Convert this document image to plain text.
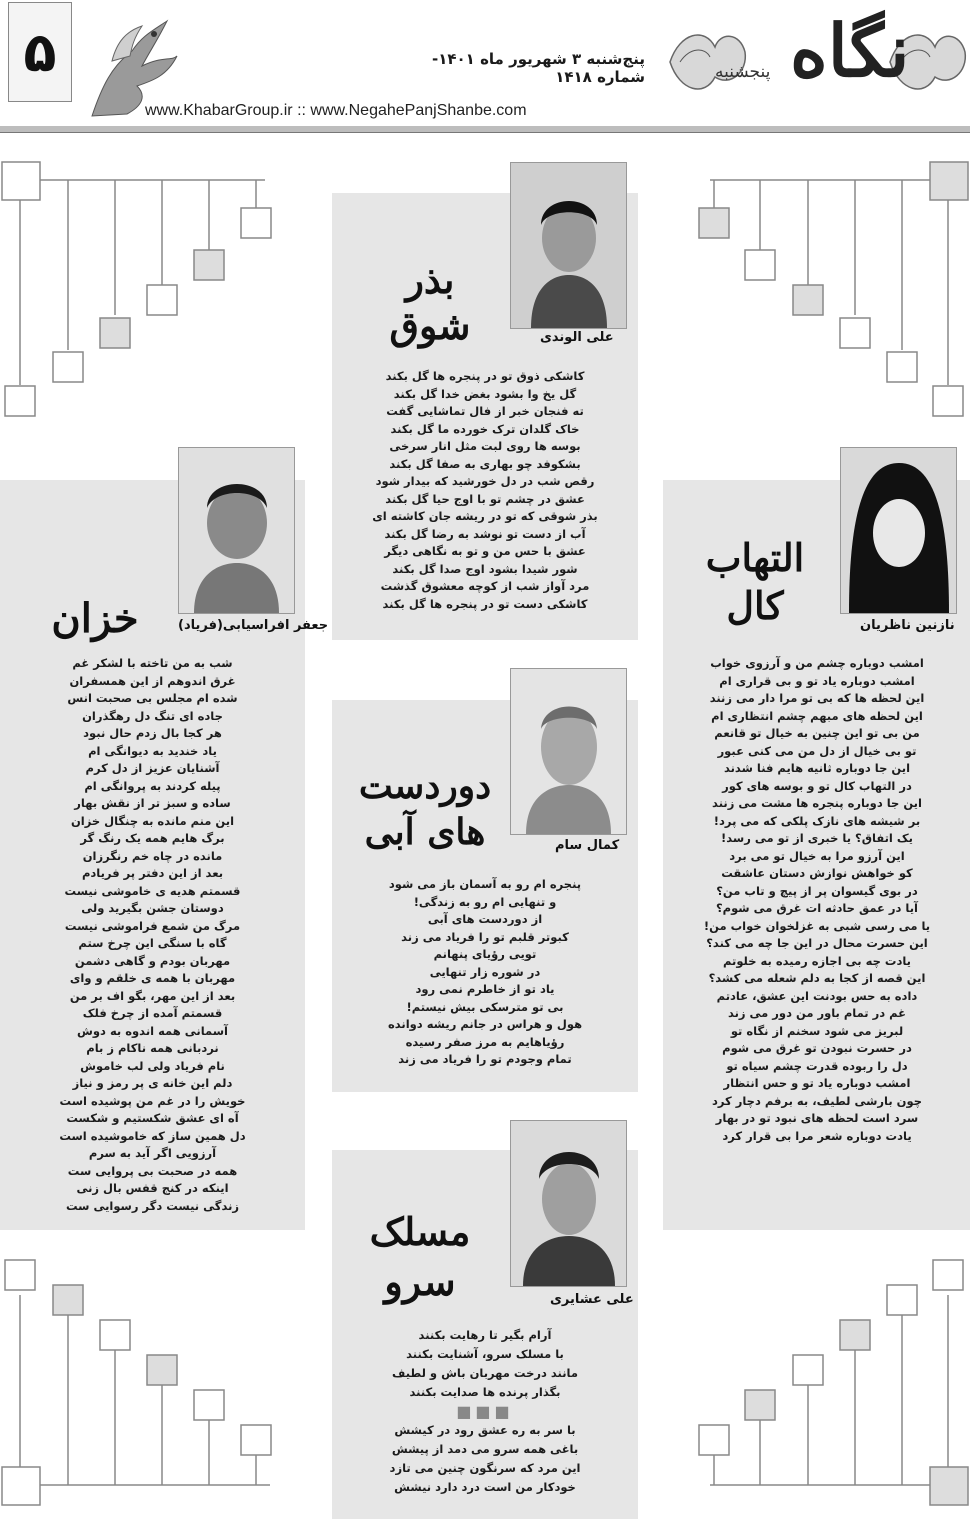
۵	پنج‌شنبه ۳ شهریور ماه ۱۴۰۱- شماره ۱۴۱۸
www.KhabarGroup.ir :: www.NegahePanjShanbe.com
نگاه
پنجشنبه
علی الوندی
بذر
شوق
کاشکی ذوق تو در پنجره ها گل بکند
گل یخ وا بشود بغض خدا گل بکند
ته فنجان خبر از فال تماشایی گفت
خاک گلدان ترک خورده ما گل بکند
بوسه ها روی لبت مثل انار سرخی
بشکوفد چو بهاری به صفا گل بکند
رقص شب در دل خورشید که بیدار شود
عشق در چشم تو با اوج حیا گل بکند
بذر شوقی که تو در ریشه جان کاشته ای
آب از دست تو نوشد به رضا گل بکند
عشق با حس من و تو به نگاهی دیگر
شور شیدا بشود اوج صدا گل بکند
مرد آواز شب از کوچه معشوق گذشت
کاشکی دست تو در پنجره ها گل بکند
جعفر افراسیابی(فریاد)
خزان
شب به من تاخته با لشکر غم
غرق اندوهم از این همسفران
شده ام مجلس بی صحبت انس
جاده ای تنگ دل رهگذران
هر کجا بال زدم حال نبود
یاد خندید به دیوانگی ام
آشنایان عزیز از دل کرم
پیله کردند به پروانگی ام
ساده و سبز تر از نقش بهار
این منم مانده به چنگال خزان
برگ هایم همه یک رنگ گر
مانده در چاه خم رنگرزان
بعد از این دفتر پر فریادم
قسمتم هدیه ی خاموشی نیست
دوستان جشن بگیرید ولی
مرگ من شمع فراموشی نیست
گاه با سنگی این چرخ ستم
مهربان بودم و گاهی دشمن
مهربان با همه ی خلقم و وای
بعد از این مهر، بگو اف بر من
قسمتم آمده از چرخ فلک
آسمانی همه اندوه به دوش
نردبانی همه ناکام ز بام
نام فریاد ولی لب خاموش
دلم این خانه ی پر رمز و نیاز
خویش را در غم من پوشیده است
آه ای عشق شکستیم و شکست
دل همین ساز که خاموشیده است
آرزویی اگر آید به سرم
همه در صحبت بی پروایی ست
اینکه در کنج قفس بال زنی
زندگی نیست دگر رسوایی ست
نازنین ناظریان
التهاب
کال
امشب دوباره چشم من و آرزوی خواب
امشب دوباره یاد تو و بی قراری ام
این لحظه ها که بی تو مرا دار می زنند
این لحظه های مبهم چشم انتظاری ام
من بی تو این چنین به خیال تو قانعم
تو بی خیال از دل من می کنی عبور
این جا دوباره ثانیه هایم فنا شدند
در التهاب کال تو و بوسه های کور
این جا دوباره پنجره ها مشت می زنند
بر شیشه های نازک پلکی که می پرد!
یک اتفاق؟ یا خبری از تو می رسد!
این آرزو مرا به خیال تو می برد
کو خواهش نوازش دستان عاشقت
در بوی گیسوان پر از پیچ و تاب من؟
آیا در عمق حادثه ات غرق می شوم؟
یا می رسی شبی به غزلخوان خواب من!
این حسرت محال در این جا چه می کند؟
یادت چه بی اجازه رمیده به خلوتم
این قصه از کجا به دلم شعله می کشد؟
داده به حس بودنت این عشق، عادتم
غم در تمام باور من دور می زند
لبریز می شود سخنم از نگاه تو
در حسرت نبودن تو غرق می شوم
دل را ربوده قدرت چشم سیاه تو
امشب دوباره یاد تو و حس انتظار
چون بارشی لطیف، به برفم دچار کرد
سرد است لحظه های نبود تو در بهار
یادت دوباره شعر مرا بی قرار کرد
کمال سام
دوردست
های آبی
پنجره ام رو به آسمان باز می شود
و تنهایی ام رو به زندگی!
از دوردست های آبی
کبوتر قلبم تو را فریاد می زند
تویی رؤیای پنهانم
در شوره زار تنهایی
یاد تو از خاطرم نمی رود
بی تو مترسکی بیش نیستم!
هول و هراس در جانم ریشه دوانده
رؤیاهایم به مرز صفر رسیده
تمام وجودم تو را فریاد می زند
علی عشایری
مسلک
سرو
آرام بگیر تا رهایت بکنند
با مسلک سرو، آشنایت بکنند
مانند درخت مهربان باش و لطیف
بگذار پرنده ها صدایت بکنند
■■■
با سر به ره عشق رود در کیشش
باغی همه سرو می دمد از پیشش
این مرد که سرنگون چنین می تازد
خودکار من است درد دارد نیشش
